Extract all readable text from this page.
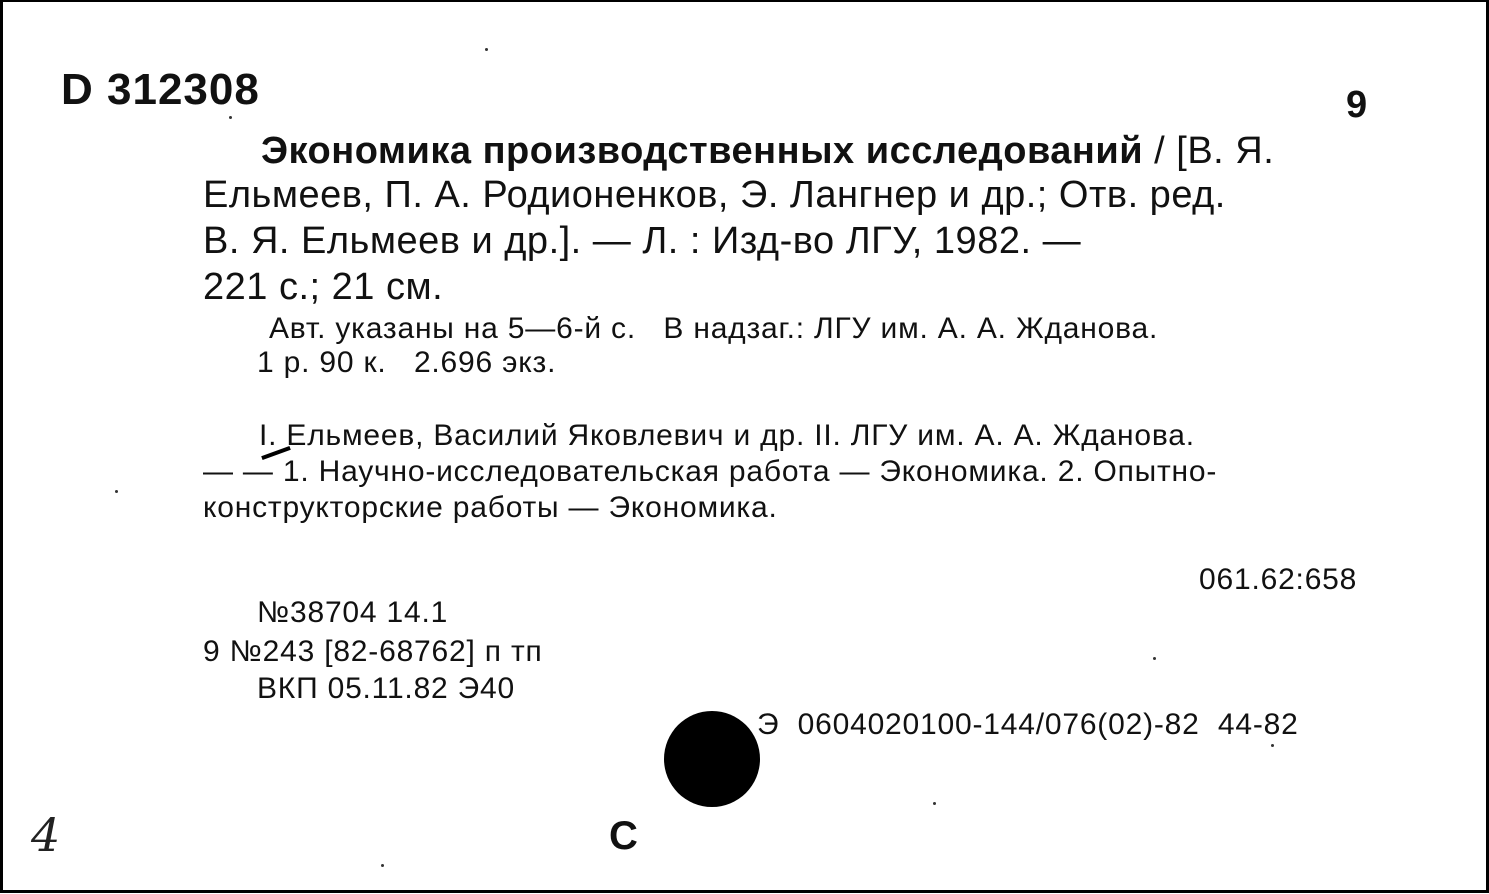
D 312308	9
Экономика производственных исследований / [В. Я.
Ельмеев, П. А. Родионенков, Э. Лангнер и др.; Отв. ред.
В. Я. Ельмеев и др.]. — Л. : Изд-во ЛГУ, 1982. —
221 с.; 21 см.
Авт. указаны на 5—6-й с.   В надзаг.: ЛГУ им. А. А. Жданова.
1 р. 90 к.   2.696 экз.
I. Ельмеев, Василий Яковлевич и др. II. ЛГУ им. А. А. Жданова.
— — 1. Научно-исследовательская работа — Экономика. 2. Опытно-
конструкторские работы — Экономика.
061.62:658
№38704 14.1
9 №243 [82-68762] п тп
ВКП 05.11.82 Э40
Э  0604020100-144/076(02)-82  44-82
С
4
